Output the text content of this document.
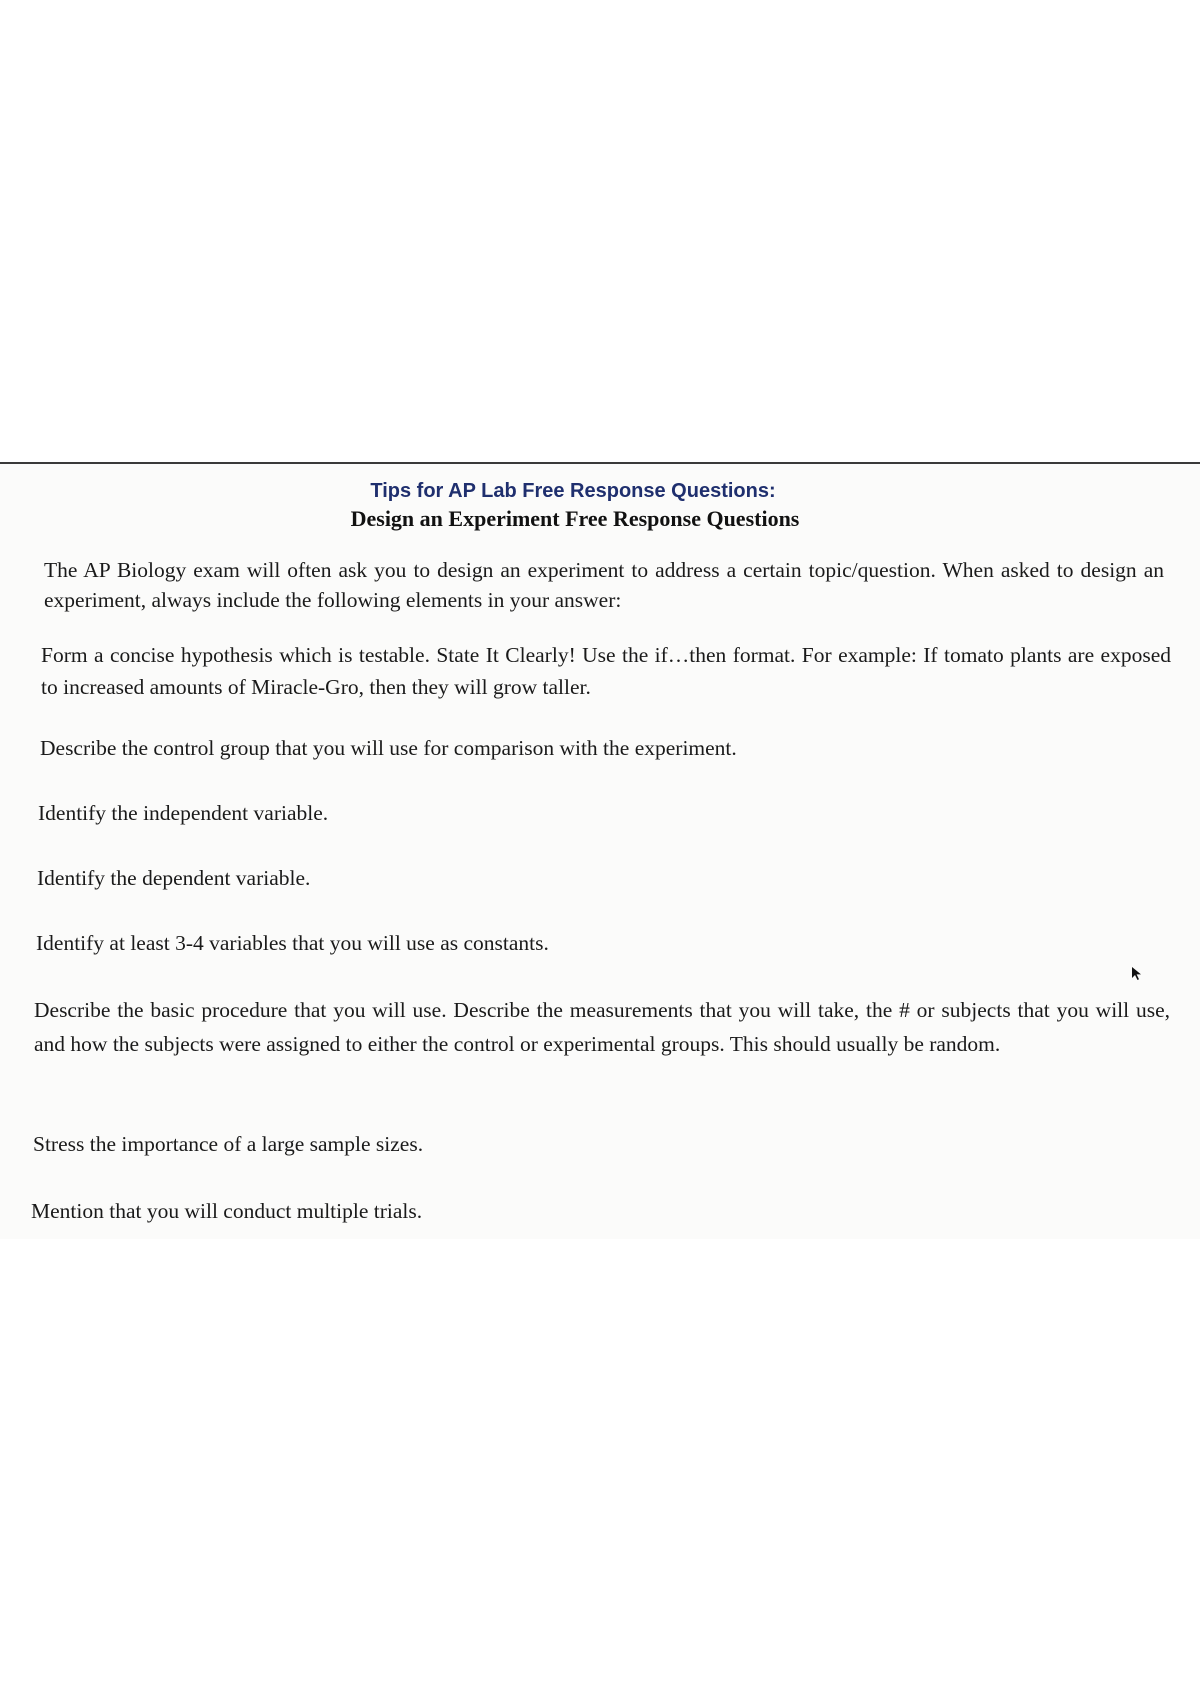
Tips for AP Lab Free Response Questions:
Design an Experiment Free Response Questions

The AP Biology exam will often ask you to design an experiment to address a certain topic/question. When asked to design an experiment, always include the following elements in your answer:

Form a concise hypothesis which is testable. State It Clearly! Use the if…then format. For example: If tomato plants are exposed to increased amounts of Miracle-Gro, then they will grow taller.

Describe the control group that you will use for comparison with the experiment.

Identify the independent variable.

Identify the dependent variable.

Identify at least 3-4 variables that you will use as constants.

Describe the basic procedure that you will use. Describe the measurements that you will take, the # or subjects that you will use, and how the subjects were assigned to either the control or experimental groups. This should usually be random.

Stress the importance of a large sample sizes.

Mention that you will conduct multiple trials.
